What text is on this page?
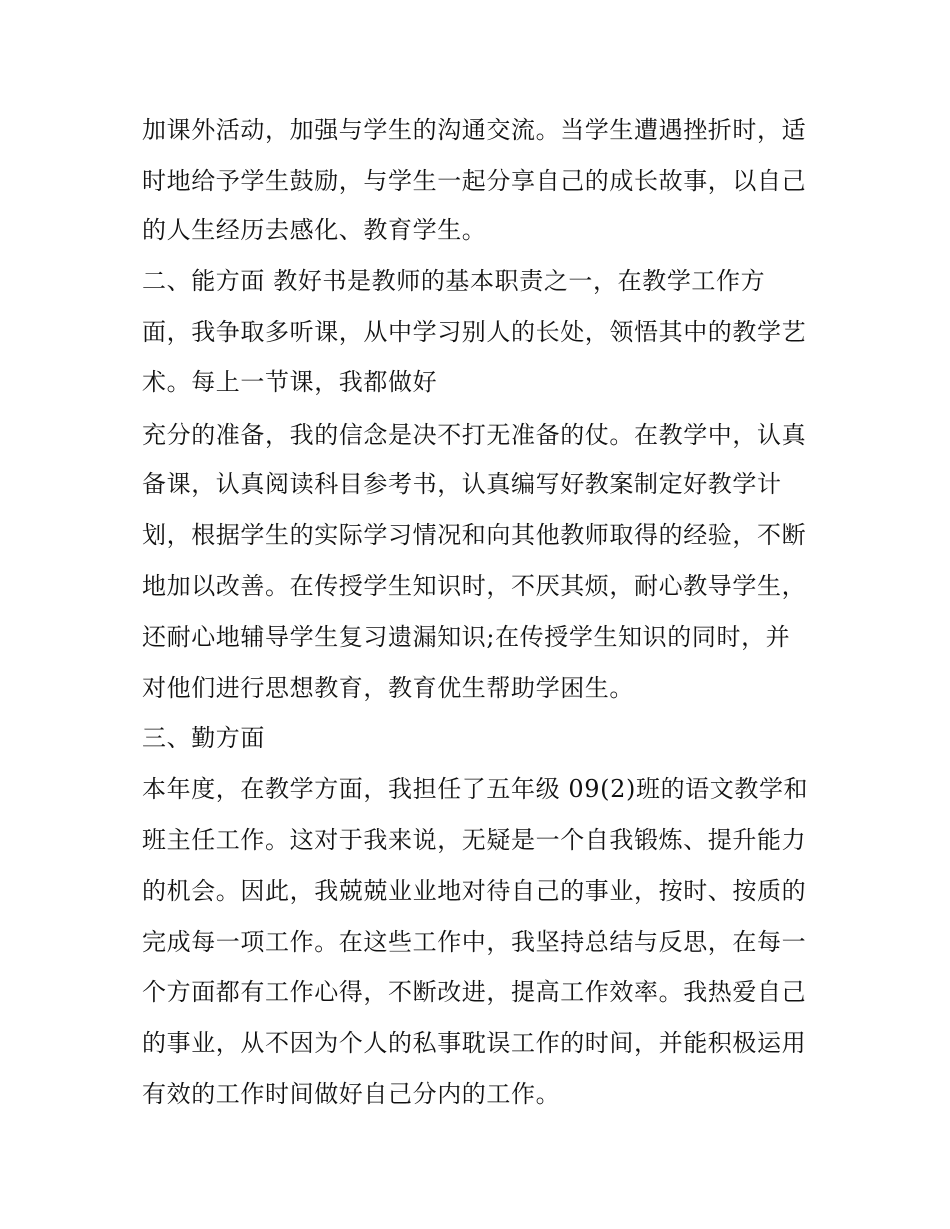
加课外活动，加强与学生的沟通交流。当学生遭遇挫折时，适
时地给予学生鼓励，与学生一起分享自己的成长故事，以自己
的人生经历去感化、教育学生。
二、能方面 教好书是教师的基本职责之一，在教学工作方
面，我争取多听课，从中学习别人的长处，领悟其中的教学艺
术。每上一节课，我都做好
充分的准备，我的信念是决不打无准备的仗。在教学中，认真
备课，认真阅读科目参考书，认真编写好教案制定好教学计
划，根据学生的实际学习情况和向其他教师取得的经验，不断
地加以改善。在传授学生知识时，不厌其烦，耐心教导学生，
还耐心地辅导学生复习遗漏知识;在传授学生知识的同时，并
对他们进行思想教育，教育优生帮助学困生。
三、勤方面
本年度，在教学方面，我担任了五年级 09(2)班的语文教学和
班主任工作。这对于我来说，无疑是一个自我锻炼、提升能力
的机会。因此，我兢兢业业地对待自己的事业，按时、按质的
完成每一项工作。在这些工作中，我坚持总结与反思，在每一
个方面都有工作心得，不断改进，提高工作效率。我热爱自己
的事业，从不因为个人的私事耽误工作的时间，并能积极运用
有效的工作时间做好自己分内的工作。
